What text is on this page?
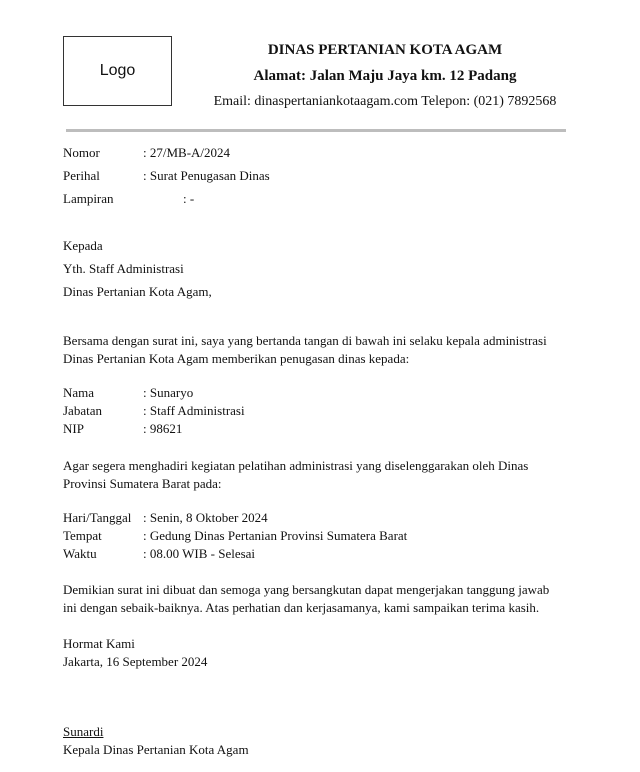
Logo
DINAS PERTANIAN KOTA AGAM
Alamat: Jalan Maju Jaya km. 12 Padang
Email: dinaspertaniankotaagam.com Telepon: (021) 7892568
Nomor	: 27/MB-A/2024
Perihal	: Surat Penugasan Dinas
Lampiran	: -
Kepada
Yth. Staff Administrasi
Dinas Pertanian Kota Agam,
Bersama dengan surat ini, saya yang bertanda tangan di bawah ini selaku kepala administrasi
Dinas Pertanian Kota Agam memberikan penugasan dinas kepada:
Nama	: Sunaryo
Jabatan	: Staff Administrasi
NIP	: 98621
Agar segera menghadiri kegiatan pelatihan administrasi yang diselenggarakan oleh Dinas
Provinsi Sumatera Barat pada:
Hari/Tanggal : Senin, 8 Oktober 2024
Tempat	: Gedung Dinas Pertanian Provinsi Sumatera Barat
Waktu	: 08.00 WIB - Selesai
Demikian surat ini dibuat dan semoga yang bersangkutan dapat mengerjakan tanggung jawab
ini dengan sebaik-baiknya. Atas perhatian dan kerjasamanya, kami sampaikan terima kasih.
Hormat Kami
Jakarta, 16 September 2024
Sunardi
Kepala Dinas Pertanian Kota Agam
